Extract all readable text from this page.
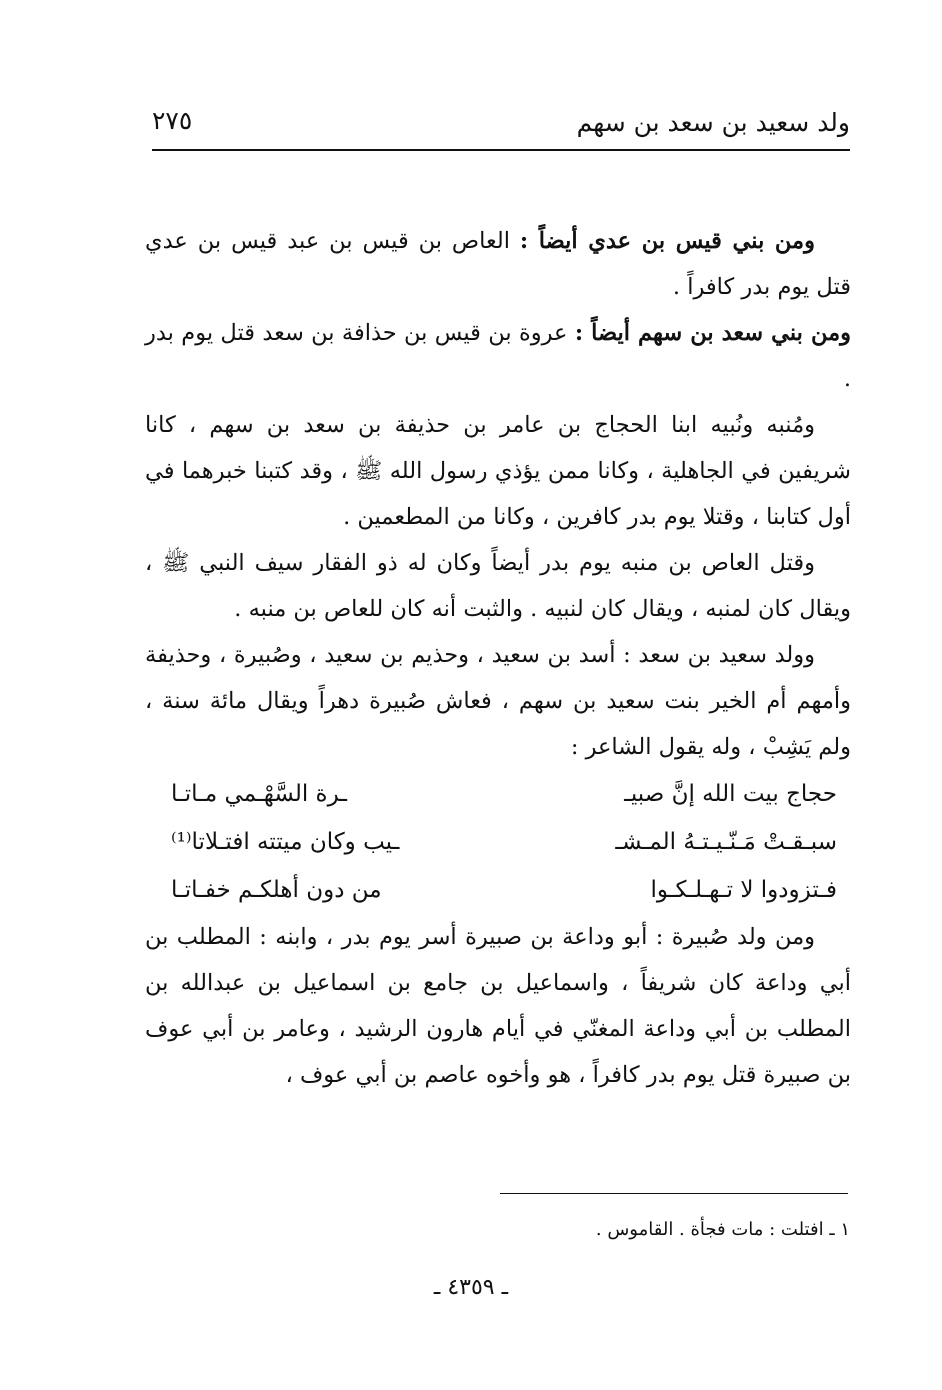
ولد سعيد بن سعد بن سهم
٢٧٥

ومن بني قيس بن عدي أيضاً : العاص بن قيس بن عبد قيس بن عدي قتل يوم بدر كافراً .

ومن بني سعد بن سهم أيضاً : عروة بن قيس بن حذافة بن سعد قتل يوم بدر .

ومُنبه ونُبيه ابنا الحجاج بن عامر بن حذيفة بن سعد بن سهم ، كانا شريفين في الجاهلية ، وكانا ممن يؤذي رسول الله ﷺ ، وقد كتبنا خبرهما في أول كتابنا ، وقتلا يوم بدر كافرين ، وكانا من المطعمين .

وقتل العاص بن منبه يوم بدر أيضاً وكان له ذو الفقار سيف النبي ﷺ ، ويقال كان لمنبه ، ويقال كان لنبيه . والثبت أنه كان للعاص بن منبه .

وولد سعيد بن سعد : أسد بن سعيد ، وحذيم بن سعيد ، وصُبيرة ، وحذيفة وأمهم أم الخير بنت سعيد بن سهم ، فعاش صُبيرة دهراً ويقال مائة سنة ، ولم يَشِبْ ، وله يقول الشاعر :

حجاج بيت الله إنَّ صبيـ
ـرة السَّهْـمي مـاتـا
سبـقـتْ مَـنّـيـتـهُ المـشـ
ـيب وكان ميتته افتـلاتا⁽¹⁾
فـتزودوا لا تـهـلـكـوا
من دون أهلكـم خفـاتـا

ومن ولد صُبيرة : أبو وداعة بن صبيرة أسر يوم بدر ، وابنه : المطلب بن أبي وداعة كان شريفاً ، واسماعيل بن جامع بن اسماعيل بن عبدالله بن المطلب بن أبي وداعة المغنّي في أيام هارون الرشيد ، وعامر بن أبي عوف بن صبيرة قتل يوم بدر كافراً ، هو وأخوه عاصم بن أبي عوف ،

١ ـ افتلت : مات فجأة . القاموس .
ـ ٤٣٥٩ ـ
